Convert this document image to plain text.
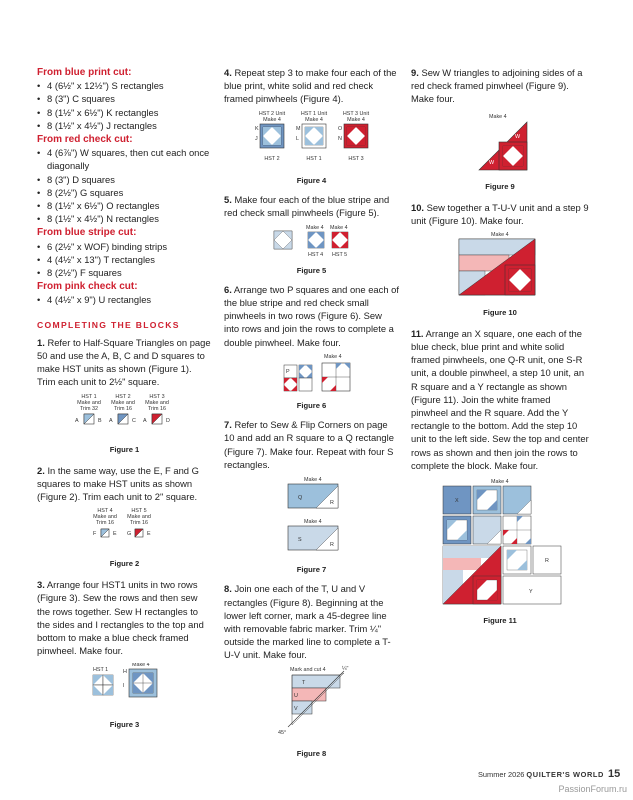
From blue print cut:
• 4 (6½" x 12½") S rectangles
• 8 (3") C squares
• 8 (1½" x 6½") K rectangles
• 8 (1½" x 4½") J rectangles
From red check cut:
• 4 (6⅞") W squares, then cut each once diagonally
• 8 (3") D squares
• 8 (2½") G squares
• 8 (1½" x 6½") O rectangles
• 8 (1½" x 4½") N rectangles
From blue stripe cut:
• 6 (2½" x WOF) binding strips
• 4 (4½" x 13") T rectangles
• 8 (2½") F squares
From pink check cut:
• 4 (4½" x 9") U rectangles
COMPLETING THE BLOCKS

1. Refer to Half-Square Triangles on page 50 and use the A, B, C and D squares to make HST units as shown (Figure 1). Trim each unit to 2½" square.

HST 1
Make and
Trim 32
HST 2
Make and
Trim 16
HST 3
Make and
Trim 16
A	B A	C A	D
Figure 1

2. In the same way, use the E, F and G squares to make HST units as shown (Figure 2). Trim each unit to 2" square.

HST 4
Make and
Trim 16
HST 5
Make and
Trim 16
F	E G	E
Figure 2

3. Arrange four HST1 units in two rows (Figure 3). Sew the rows and then sew the rows together. Sew H rectangles to the sides and I rectangles to the top and bottom to make a blue check framed pinwheel. Make four.

HST 1
Make 4
H
I
Figure 3

4. Repeat step 3 to make four each of the blue print, white solid and red check framed pinwheels (Figure 4).

HST 2 Unit
Make 4
HST 1 Unit
Make 4
HST 3 Unit
Make 4
K
J
M
L
O
N
HST 2	HST 1	HST 3
Figure 4

5. Make four each of the blue stripe and red check small pinwheels (Figure 5).

Make 4 Make 4
HST 4 HST 5
Figure 5

6. Arrange two P squares and one each of the blue stripe and red check small pinwheels in two rows (Figure 6). Sew into rows and join the rows to complete a double pinwheel. Make four.

Make 4
P
Figure 6

7. Refer to Sew & Flip Corners on page 10 and add an R square to a Q rectangle (Figure 7). Make four. Repeat with four S rectangles.

Make 4
Q
R
Make 4
S
R
Figure 7

8. Join one each of the T, U and V rectangles (Figure 8). Beginning at the lower left corner, mark a 45-degree line with removable fabric marker. Trim ¼" outside the marked line to complete a T-U-V unit. Make four.

Mark and cut 4	¼"
T
U
V
45°
Figure 8

9. Sew W triangles to adjoining sides of a red check framed pinwheel (Figure 9). Make four.

Make 4
W
W
Figure 9

10. Sew together a T-U-V unit and a step 9 unit (Figure 10). Make four.

Make 4
Figure 10

11. Arrange an X square, one each of the blue check, blue print and white solid framed pinwheels, one Q-R unit, one S-R unit, a double pinwheel, a step 10 unit, an R square and a Y rectangle as shown (Figure 11). Join the white framed pinwheel and the R square. Add the Y rectangle to the bottom. Add the step 10 unit to the left side. Sew the top and center rows as shown and then join the rows to complete the block. Make four.

Make 4
X
R
Y
Figure 11
Summer 2026 QUILTER'S WORLD 15
PassionForum.ru
